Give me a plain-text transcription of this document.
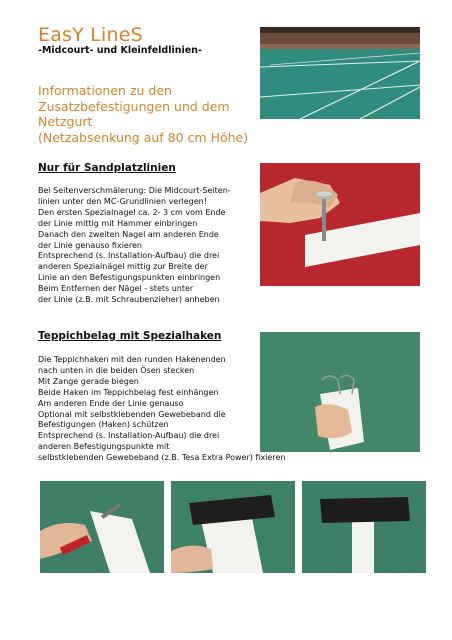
EasY LineS
-Midcourt- und Kleinfeldlinien-
Informationen zu den
Zusatzbefestigungen und dem
Netzgurt
(Netzabsenkung auf 80 cm Höhe)
Nur für Sandplatzlinien
Bei Seitenverschmälerung: Die Midcourt-Seiten-
linien unter den MC-Grundlinien verlegen!
Den ersten Spezialnagel ca. 2- 3 cm vom Ende
der Linie mittig mit Hammer einbringen
Danach den zweiten Nagel am anderen Ende
der Linie genauso fixieren
Entsprechend (s. Installation-Aufbau) die drei
anderen Spezialnägel mittig zur Breite der
Linie an den Befestigungspunkten einbringen
Beim Entfernen der Nägel - stets unter
der Linie (z.B. mit Schraubenzieher) anheben
Teppichbelag mit Spezialhaken
Die Teppichhaken mit den runden Hakenenden
nach unten in die beiden Ösen stecken
Mit Zange gerade biegen
Beide Haken im Teppichbelag fest einhängen
Am anderen Ende der Linie genauso
Optional mit selbstklebenden Gewebeband die
Befestigungen (Haken) schützen
Entsprechend (s. Installation-Aufbau) die drei
anderen Befestigungspunkte mit
selbstklebenden Gewebeband (z.B. Tesa Extra Power) fixieren
